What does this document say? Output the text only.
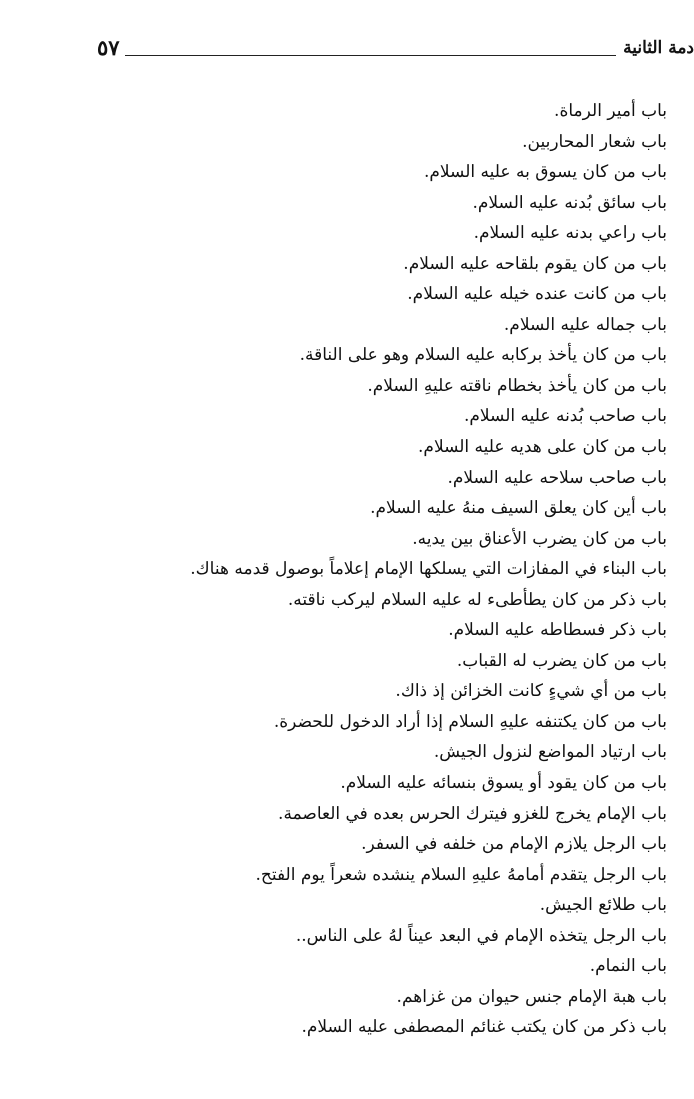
٥٧	دمة الثانية
باب أمير الرماة.
باب شعار المحاربين.
باب من كان يسوق به عليه السلام.
باب سائق بُدنه عليه السلام.
باب راعي بدنه عليه السلام.
باب من كان يقوم بلقاحه عليه السلام.
باب من كانت عنده خيله عليه السلام.
باب جماله عليه السلام.
باب من كان يأخذ بركابه عليه السلام وهو على الناقة.
باب من كان يأخذ بخطام ناقته عليهِ السلام.
باب صاحب بُدنه عليه السلام.
باب من كان على هديه عليه السلام.
باب صاحب سلاحه عليه السلام.
باب أين كان يعلق السيف منهُ عليه السلام.
باب من كان يضرب الأعناق بين يديه.
باب البناء في المفازات التي يسلكها الإمام إعلاماً بوصول قدمه هناك.
باب ذكر من كان يطأطىء له عليه السلام ليركب ناقته.
باب ذكر فسطاطه عليه السلام.
باب من كان يضرب له القباب.
باب من أي شيءٍ كانت الخزائن إذ ذاك.
باب من كان يكتنفه عليهِ السلام إذا أراد الدخول للحضرة.
باب ارتياد المواضع لنزول الجيش.
باب من كان يقود أو يسوق بنسائه عليه السلام.
باب الإمام يخرج للغزو فيترك الحرس بعده في العاصمة.
باب الرجل يلازم الإمام من خلفه في السفر.
باب الرجل يتقدم أمامهُ عليهِ السلام ينشده شعراً يوم الفتح.
باب طلائع الجيش.
باب الرجل يتخذه الإمام في البعد عيناً لهُ على الناس..
باب النمام.
باب هبة الإمام جنس حيوان من غزاهم.
باب ذكر من كان يكتب غنائم المصطفى عليه السلام.
